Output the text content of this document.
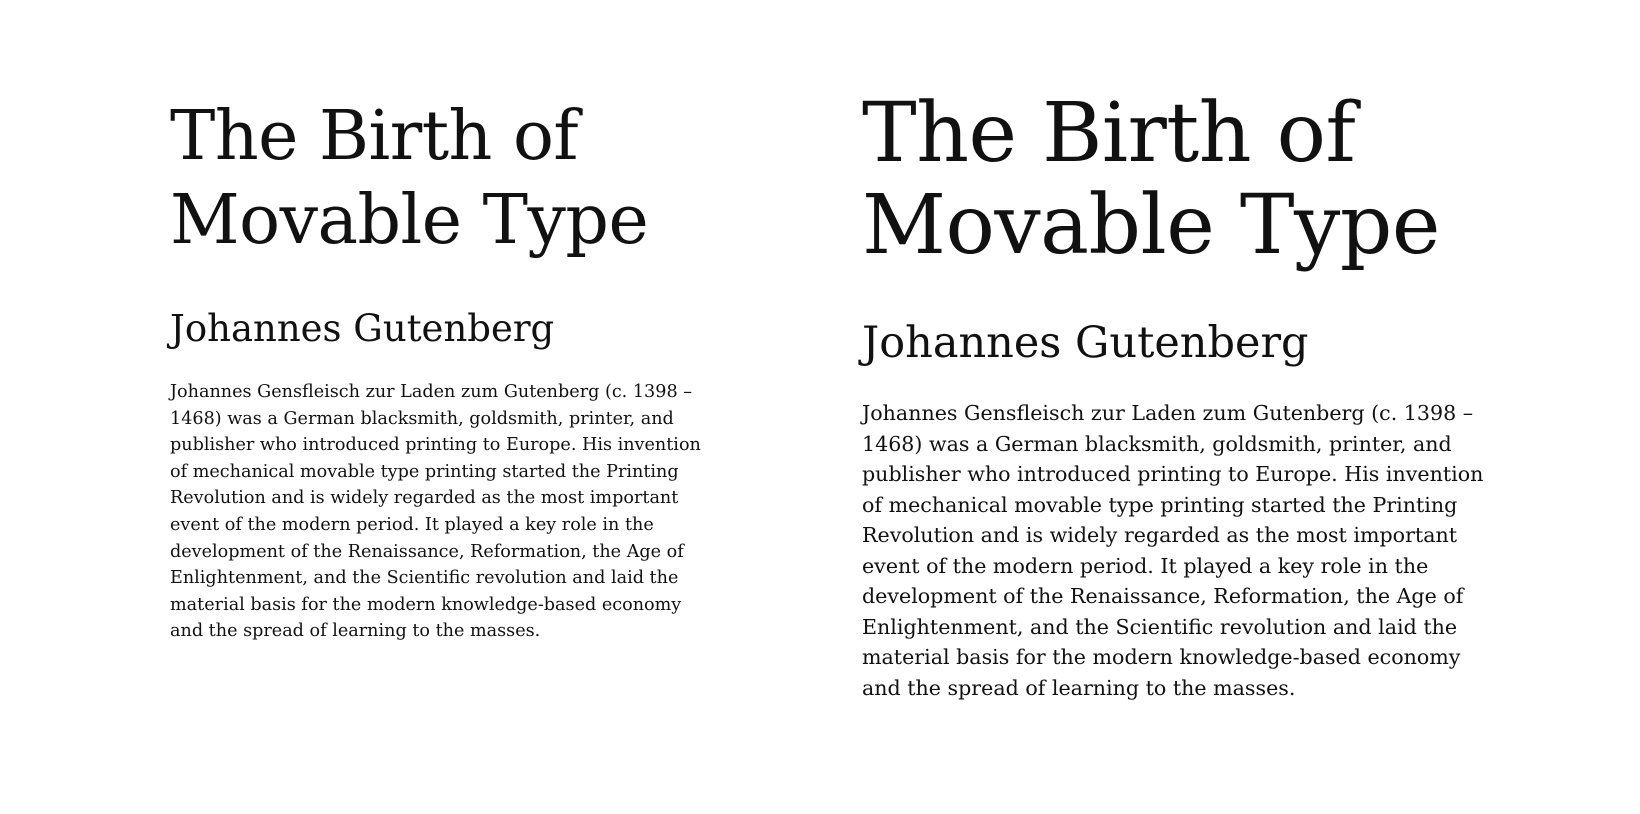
The Birth of
Movable Type
Johannes Gutenberg

Johannes Gensfleisch zur Laden zum Gutenberg (c. 1398 –
1468) was a German blacksmith, goldsmith, printer, and
publisher who introduced printing to Europe. His invention
of mechanical movable type printing started the Printing
Revolution and is widely regarded as the most important
event of the modern period. It played a key role in the
development of the Renaissance, Reformation, the Age of
Enlightenment, and the Scientific revolution and laid the
material basis for the modern knowledge-based economy
and the spread of learning to the masses.

The Birth of
Movable Type
Johannes Gutenberg

Johannes Gensfleisch zur Laden zum Gutenberg (c. 1398 –
1468) was a German blacksmith, goldsmith, printer, and
publisher who introduced printing to Europe. His invention
of mechanical movable type printing started the Printing
Revolution and is widely regarded as the most important
event of the modern period. It played a key role in the
development of the Renaissance, Reformation, the Age of
Enlightenment, and the Scientific revolution and laid the
material basis for the modern knowledge-based economy
and the spread of learning to the masses.
